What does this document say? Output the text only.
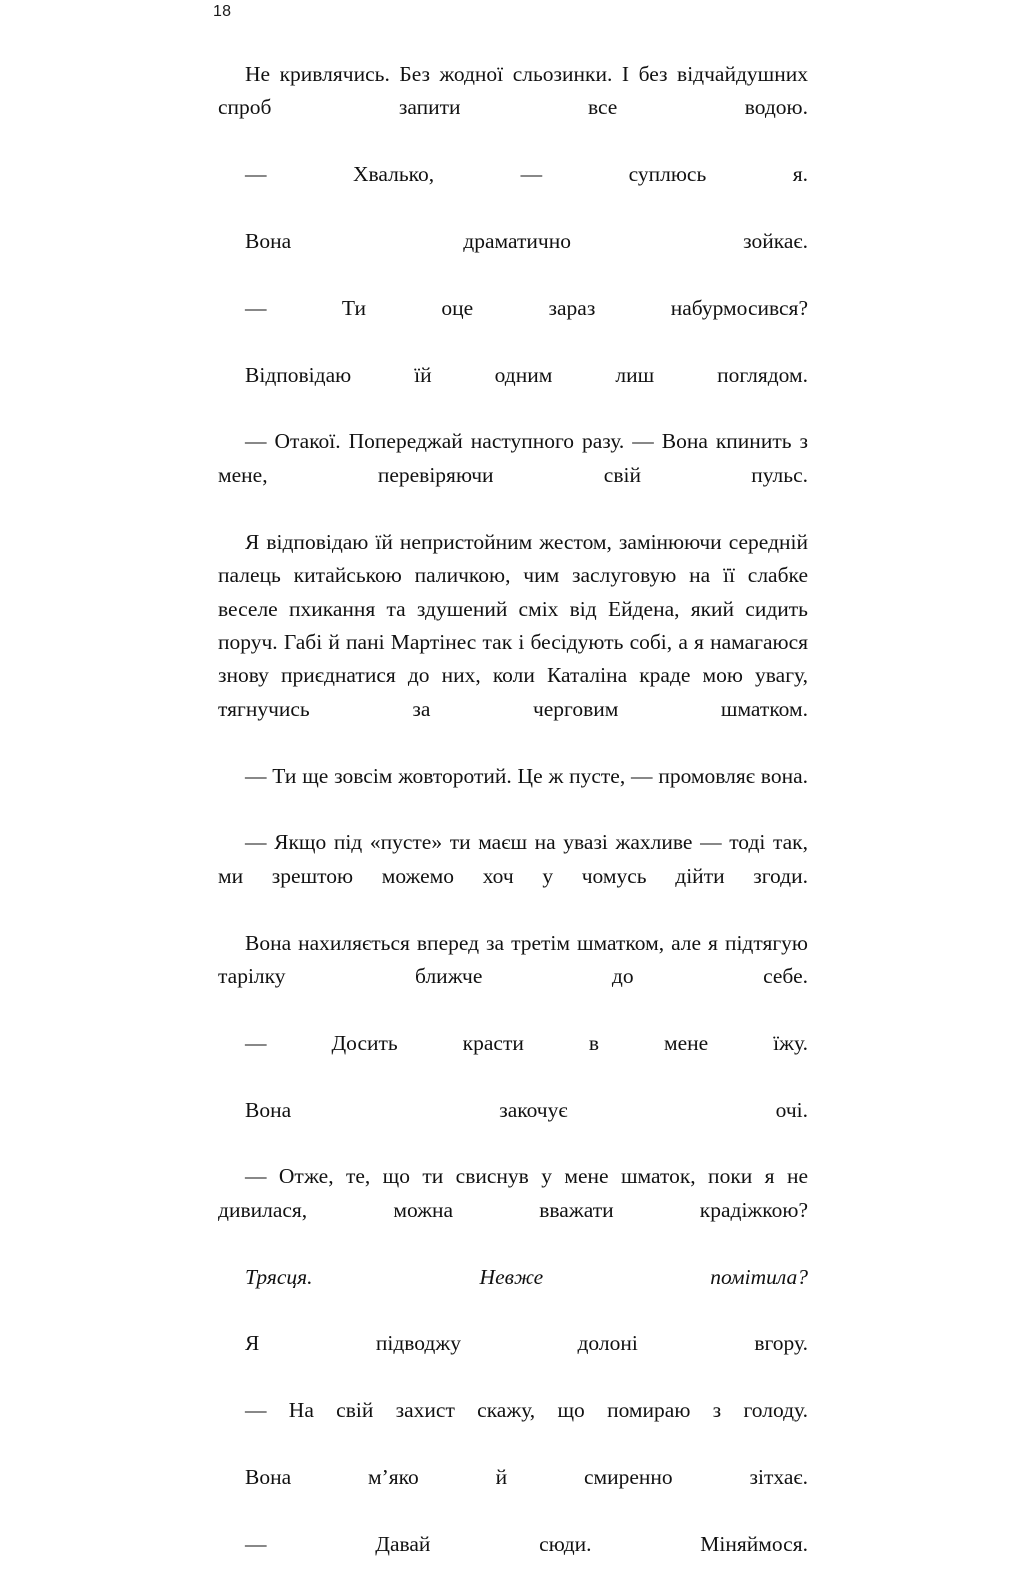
18

Не кривлячись. Без жодної сльозинки. І без відчайдушних спроб запити все водою.

— Хвалько, — суплюсь я.

Вона драматично зойкає.

— Ти оце зараз набурмосився?

Відповідаю їй одним лиш поглядом.

— Отакої. Попереджай наступного разу. — Вона кпинить з мене, перевіряючи свій пульс.

Я відповідаю їй непристойним жестом, замінюючи середній палець китайською паличкою, чим заслуговую на її слабке веселе пхикання та здушений сміх від Ейдена, який сидить поруч. Габі й пані Мартінес так і бесідують собі, а я намагаюся знову приєднатися до них, коли Каталіна краде мою увагу, тягнучись за черговим шматком.

— Ти ще зовсім жовторотий. Це ж пусте, — промовляє вона.

— Якщо під «пусте» ти маєш на увазі жахливе — тоді так, ми зрештою можемо хоч у чомусь дійти згоди.

Вона нахиляється вперед за третім шматком, але я підтягую тарілку ближче до себе.

— Досить красти в мене їжу.

Вона закочує очі.

— Отже, те, що ти свиснув у мене шматок, поки я не дивилася, можна вважати крадіжкою?

Трясця. Невже помітила?

Я підводжу долоні вгору.

— На свій захист скажу, що помираю з голоду.

Вона м’яко й смиренно зітхає.

— Давай сюди. Міняймося.
